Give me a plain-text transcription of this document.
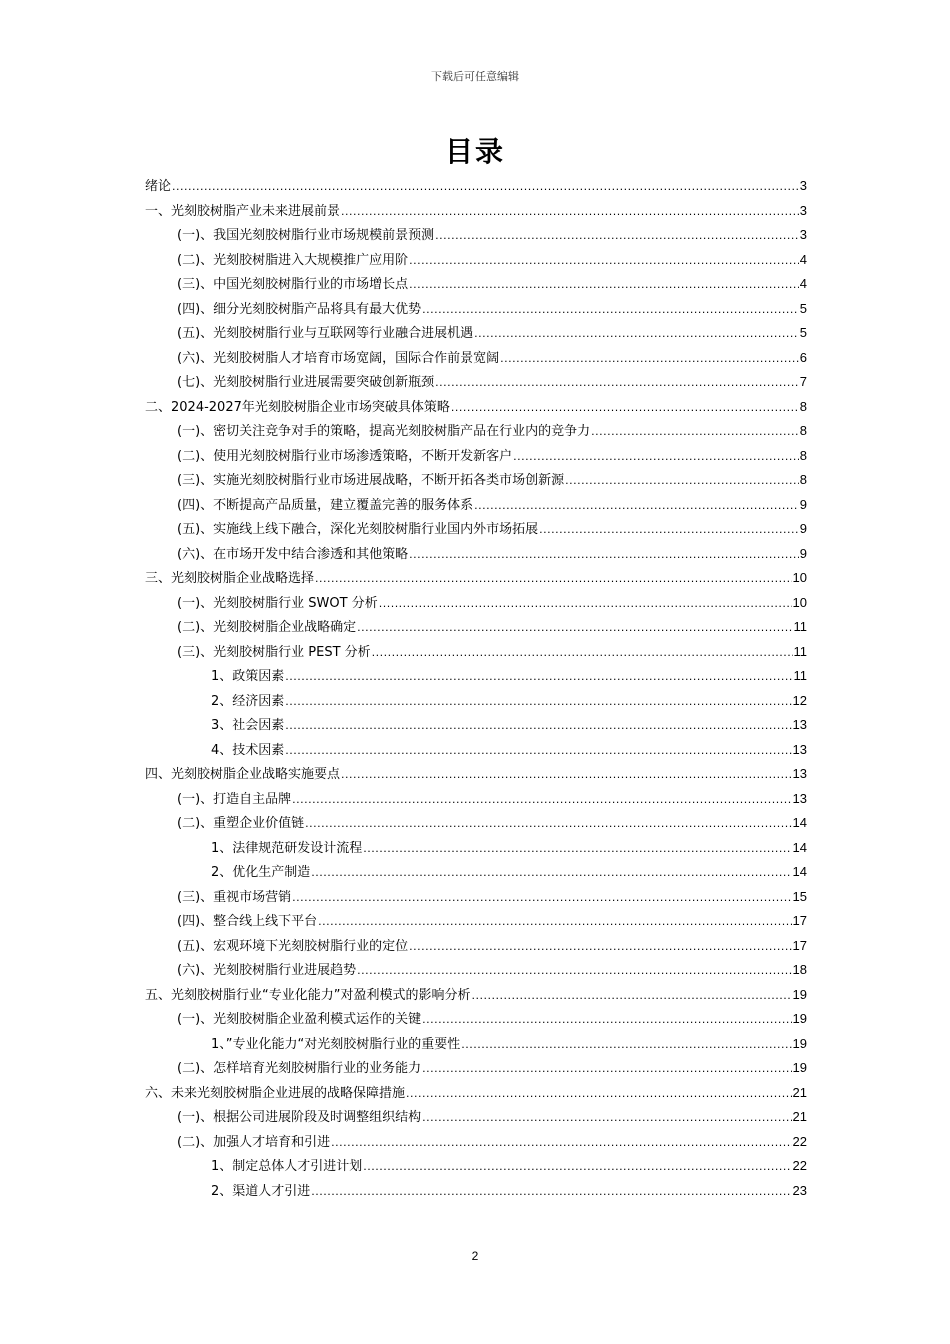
下载后可任意编辑
目录
绪论 .....	3
一、光刻胶树脂产业未来进展前景 .....	3
(一)、我国光刻胶树脂行业市场规模前景预测 .....	3
(二)、光刻胶树脂进入大规模推广应用阶 .....	4
(三)、中国光刻胶树脂行业的市场增长点 .....	4
(四)、细分光刻胶树脂产品将具有最大优势 .....	5
(五)、光刻胶树脂行业与互联网等行业融合进展机遇 .....	5
(六)、光刻胶树脂人才培育市场宽阔，国际合作前景宽阔 .....	6
(七)、光刻胶树脂行业进展需要突破创新瓶颈 .....	7
二、2024-2027年光刻胶树脂企业市场突破具体策略 .....	8
(一)、密切关注竞争对手的策略，提高光刻胶树脂产品在行业内的竞争力 .....	8
(二)、使用光刻胶树脂行业市场渗透策略，不断开发新客户 .....	8
(三)、实施光刻胶树脂行业市场进展战略，不断开拓各类市场创新源 .....	8
(四)、不断提高产品质量，建立覆盖完善的服务体系 .....	9
(五)、实施线上线下融合，深化光刻胶树脂行业国内外市场拓展 .....	9
(六)、在市场开发中结合渗透和其他策略 .....	9
三、光刻胶树脂企业战略选择 .....	10
(一)、光刻胶树脂行业 SWOT 分析 .....	10
(二)、光刻胶树脂企业战略确定 .....	11
(三)、光刻胶树脂行业 PEST 分析 .....	11
1、政策因素 .....	11
2、经济因素 .....	12
3、社会因素 .....	13
4、技术因素 .....	13
四、光刻胶树脂企业战略实施要点 .....	13
(一)、打造自主品牌 .....	13
(二)、重塑企业价值链 .....	14
1、法律规范研发设计流程 .....	14
2、优化生产制造 .....	14
(三)、重视市场营销 .....	15
(四)、整合线上线下平台 .....	17
(五)、宏观环境下光刻胶树脂行业的定位 .....	17
(六)、光刻胶树脂行业进展趋势 .....	18
五、光刻胶树脂行业“专业化能力”对盈利模式的影响分析 .....	19
(一)、光刻胶树脂企业盈利模式运作的关键 .....	19
1、”专业化能力“对光刻胶树脂行业的重要性 .....	19
(二)、怎样培育光刻胶树脂行业的业务能力 .....	19
六、未来光刻胶树脂企业进展的战略保障措施 .....	21
(一)、根据公司进展阶段及时调整组织结构 .....	21
(二)、加强人才培育和引进 .....	22
1、制定总体人才引进计划 .....	22
2、渠道人才引进 .....	23
2
